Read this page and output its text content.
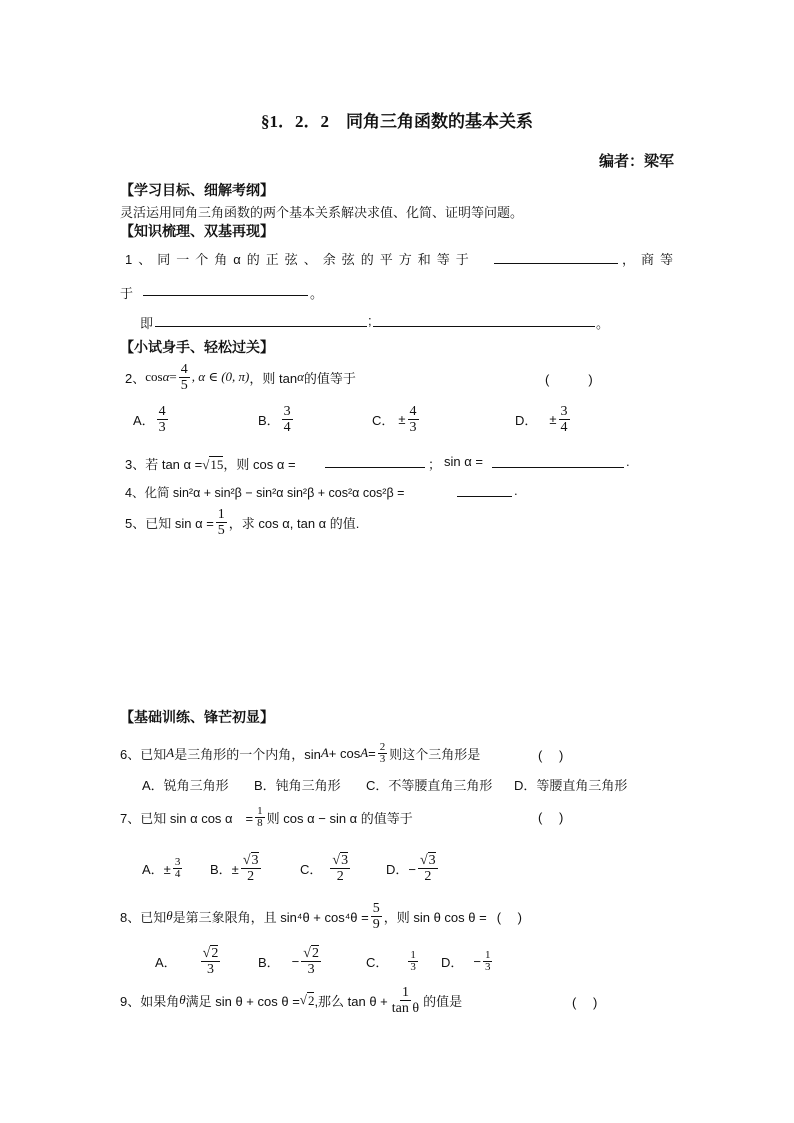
§1．2．2　同角三角函数的基本关系
编者：梁军
【学习目标、细解考纲】
灵活运用同角三角函数的两个基本关系解决求值、化简、证明等问题。
【知识梳理、双基再现】
1、同一个角α的正弦、余弦的平方和等于	，商等
于	。
即	;	。
【小试身手、轻松过关】
2、 $\cos \alpha = \frac{4}{5}$ , α ∈ (0, π) ，则 tan α 的值等于	(　　　)
A． $\frac{4}{3}$	B． $\frac{3}{4}$	C． ± $\frac{4}{3}$	D． ± $\frac{3}{4}$
3、若 tan α =√15，则 cos α =	； sin α =	.
4、化简 sin²α + sin²β − sin²α sin²β + cos²α cos²β =	.
5、已知 $\sin \alpha = \frac{1}{5}$ ，求 cos α, tan α 的值.
【基础训练、锋芒初显】
6、已知 A 是三角形的一个内角，$\sin A + \cos A = \frac{2}{3}$ 则这个三角形是	(　 )
A．锐角三角形 B．钝角三角形 C．不等腰直角三角形 D．等腰直角三角形
7、已知 sin α cos α　= $\frac{1}{8}$ 则 cos α − sin α 的值等于	(　 )
A．± $\frac{3}{4}$ B．± $\frac{√3}{2}$	C． $\frac{√3}{2}$	D．− $\frac{√3}{2}$
8、已知 θ 是第三象限角，且 $\sin^4\theta + \cos^4\theta = \frac{5}{9}$ ，则 sin θ cos θ = (　 )
A． $\frac{√2}{3}$	B． − $\frac{√2}{3}$	C． $\frac{1}{3}$ D． − $\frac{1}{3}$
9、如果角 θ 满足 sin θ + cos θ = √ 2 ,那么 $\tan \theta + \frac{1}{\text{tan θ}}$ 的值是	(　 )
